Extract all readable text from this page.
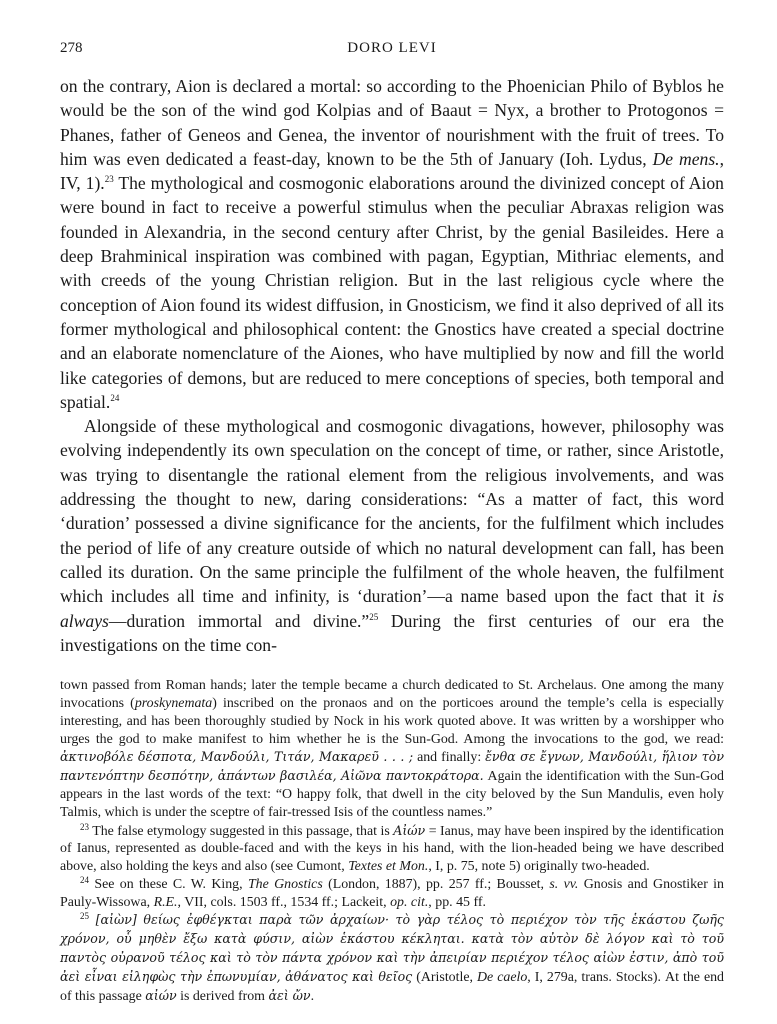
278	DORO LEVI

on the contrary, Aion is declared a mortal: so according to the Phoenician Philo of Byblos he would be the son of the wind god Kolpias and of Baaut = Nyx, a brother to Protogonos = Phanes, father of Geneos and Genea, the inventor of nourishment with the fruit of trees. To him was even dedicated a feast-day, known to be the 5th of January (Ioh. Lydus, De mens., IV, 1).$^{23}$ The mythological and cosmogonic elaborations around the divinized concept of Aion were bound in fact to receive a powerful stimulus when the peculiar Abraxas religion was founded in Alexandria, in the second century after Christ, by the genial Basileides. Here a deep Brahminical inspiration was combined with pagan, Egyptian, Mithriac elements, and with creeds of the young Christian religion. But in the last religious cycle where the conception of Aion found its widest diffusion, in Gnosticism, we find it also deprived of all its former mythological and philosophical content: the Gnostics have created a special doctrine and an elaborate nomenclature of the Aiones, who have multiplied by now and fill the world like categories of demons, but are reduced to mere conceptions of species, both temporal and spatial.$^{24}$

Alongside of these mythological and cosmogonic divagations, however, philosophy was evolving independently its own speculation on the concept of time, or rather, since Aristotle, was trying to disentangle the rational element from the religious involvements, and was addressing the thought to new, daring considerations: “As a matter of fact, this word ‘duration’ possessed a divine significance for the ancients, for the fulfilment which includes the period of life of any creature outside of which no natural development can fall, has been called its duration. On the same principle the fulfilment of the whole heaven, the fulfilment which includes all time and infinity, is ‘duration’—a name based upon the fact that it is always—duration immortal and divine.”$^{25}$ During the first centuries of our era the investigations on the time con-

town passed from Roman hands; later the temple became a church dedicated to St. Archelaus. One among the many invocations (proskynemata) inscribed on the pronaos and on the porticoes around the temple’s cella is especially interesting, and has been thoroughly studied by Nock in his work quoted above. It was written by a worshipper who urges the god to make manifest to him whether he is the Sun-God. Among the invocations to the god, we read: ἀκτινοβόλε δέσποτα, Μανδούλι, Τιτάν, Μακαρεῦ . . . ; and finally: ἔνθα σε ἔγνων, Μανδούλι, ἥλιον τὸν παντενόπτην δεσπότην, ἁπάντων βασιλέα, Αἰῶνα παντοκράτορα. Again the identification with the Sun-God appears in the last words of the text: “O happy folk, that dwell in the city beloved by the Sun Mandulis, even holy Talmis, which is under the sceptre of fair-tressed Isis of the countless names.”

$^{23}$ The false etymology suggested in this passage, that is Αἰών = Ianus, may have been inspired by the identification of Ianus, represented as double-faced and with the keys in his hand, with the lion-headed being we have described above, also holding the keys and also (see Cumont, Textes et Mon., I, p. 75, note 5) originally two-headed.

$^{24}$ See on these C. W. King, The Gnostics (London, 1887), pp. 257 ff.; Bousset, s. vv. Gnosis and Gnostiker in Pauly-Wissowa, R.E., VII, cols. 1503 ff., 1534 ff.; Lackeit, op. cit., pp. 45 ff.

$^{25}$ [αἰὼν] θείως ἐφθέγκται παρὰ τῶν ἀρχαίων· τὸ γὰρ τέλος τὸ περιέχον τὸν τῆς ἑκάστου ζωῆς χρόνον, οὗ μηθὲν ἔξω κατὰ φύσιν, αἰὼν ἑκάστου κέκληται. κατὰ τὸν αὐτὸν δὲ λόγον καὶ τὸ τοῦ παντὸς οὐρανοῦ τέλος καὶ τὸ τὸν πάντα χρόνον καὶ τὴν ἀπειρίαν περιέχον τέλος αἰὼν ἐστιν, ἀπὸ τοῦ ἀεὶ εἶναι εἰληφὼς τὴν ἐπωνυμίαν, ἀθάνατος καὶ θεῖος (Aristotle, De caelo, I, 279a, trans. Stocks). At the end of this passage αἰών is derived from ἀεὶ ὤν.
